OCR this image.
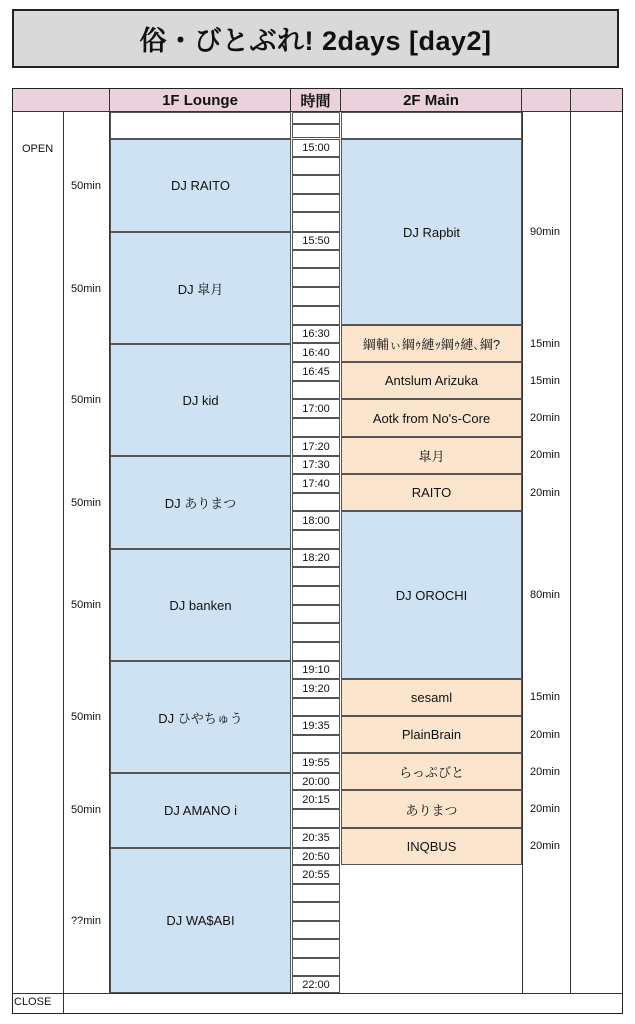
俗・びとぶれ! 2days [day2]
1F Lounge	時間	2F Main
OPEN
DJ RAITO
DJ 皐月
DJ kid
DJ ありまつ
DJ banken
DJ ひやちゅう
DJ AMANO i
DJ WA$ABI
50min
50min
50min
50min
50min
50min
50min
??min
DJ Rapbit
綱輔ぃ綱ｩ縺ｯ綱ｩ縺､綱?
Antslum Arizuka
Aotk from No's-Core
皐月
RAITO
DJ OROCHI
sesaml
PlainBrain
らっぷびと
ありまつ
INQBUS
90min
15min
15min
20min
20min
20min
80min
15min
20min
20min
20min
20min
15:00
15:50
16:30
16:40
16:45
17:00
17:20
17:30
17:40
18:00
18:20
19:10
19:20
19:35
19:55
20:00
20:15
20:35
20:50
20:55
22:00
CLOSE
